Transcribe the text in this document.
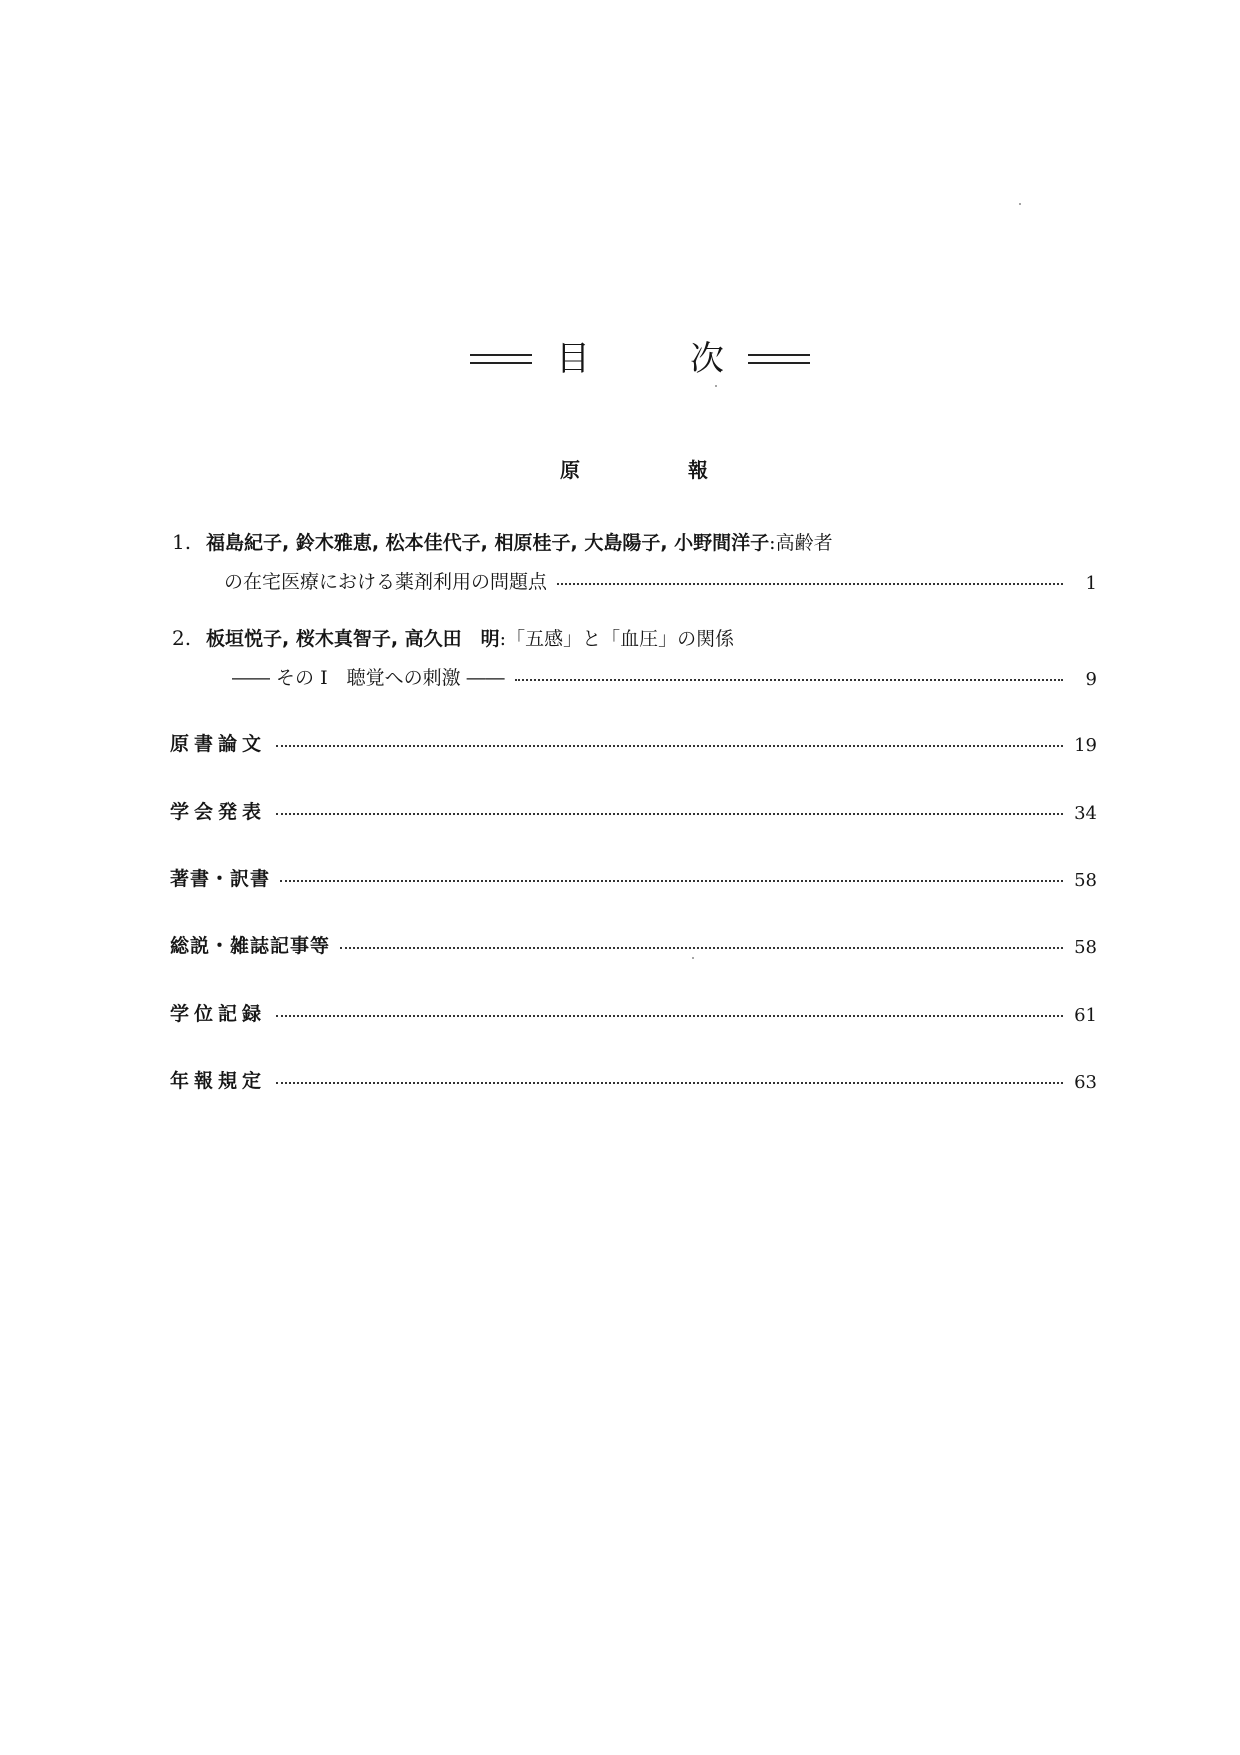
目	次
原	報
1. 福島紀子, 鈴木雅恵, 松本佳代子, 相原桂子, 大島陽子, 小野間洋子:高齢者
の在宅医療における薬剤利用の問題点	1
2. 板垣悦子, 桜木真智子, 高久田　明:「五感」と「血圧」の関係
―― その I　聴覚への刺激 ――	9
原書論文	19
学会発表	34
著書・訳書	58
総説・雑誌記事等	58
学位記録	61
年報規定	63
